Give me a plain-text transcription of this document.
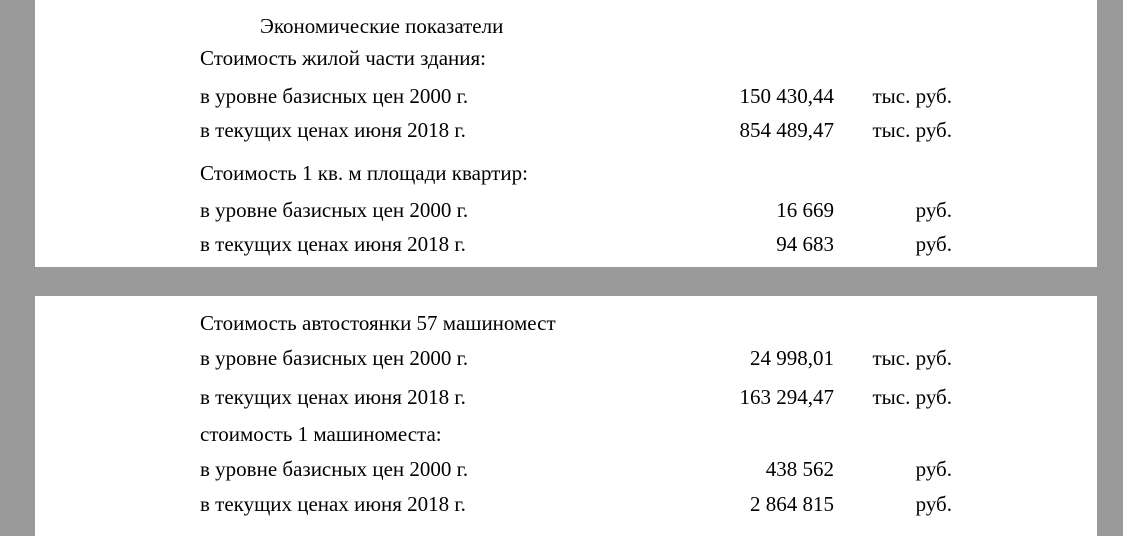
Экономические показатели
Стоимость жилой части здания:
в уровне базисных цен 2000 г.	150 430,44 тыс. руб.
в текущих ценах июня 2018 г.	854 489,47 тыс. руб.
Стоимость 1 кв. м площади квартир:
в уровне базисных цен 2000 г.	16 669	руб.
в текущих ценах июня 2018 г.	94 683	руб.
Стоимость автостоянки 57 машиномест
в уровне базисных цен 2000 г.	24 998,01 тыс. руб.
в текущих ценах июня 2018 г.	163 294,47 тыс. руб.
стоимость 1 машиноместа:
в уровне базисных цен 2000 г.	438 562	руб.
в текущих ценах июня 2018 г.	2 864 815	руб.
